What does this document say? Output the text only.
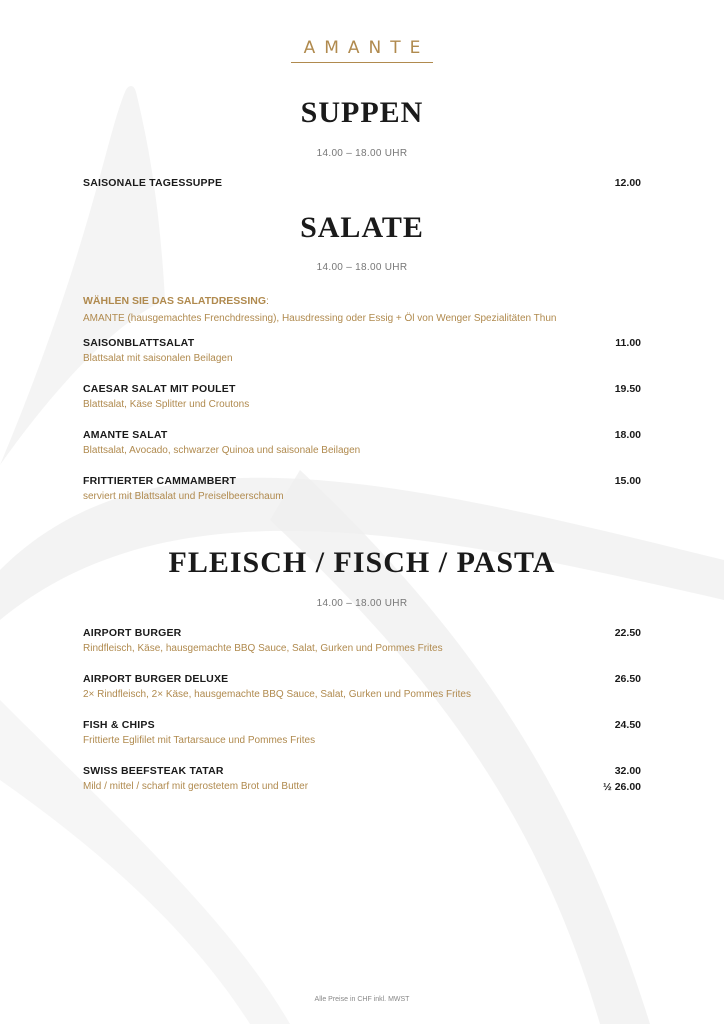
AMANTE
SUPPEN
14.00 – 18.00 UHR
SAISONALE TAGESSUPPE	12.00
SALATE
14.00 – 18.00 UHR
WÄHLEN SIE DAS SALATDRESSING:
AMANTE (hausgemachtes Frenchdressing), Hausdressing oder Essig + Öl von Wenger Spezialitäten Thun
SAISONBLATTSALAT
Blattsalat mit saisonalen Beilagen
11.00
CAESAR SALAT MIT POULET
Blattsalat, Käse Splitter und Croutons
19.50
AMANTE SALAT
Blattsalat, Avocado, schwarzer Quinoa und saisonale Beilagen
18.00
FRITTIERTER CAMMAMBERT
serviert mit Blattsalat und Preiselbeerschaum
15.00
FLEISCH / FISCH / PASTA
14.00 – 18.00 UHR
AIRPORT BURGER
Rindfleisch, Käse, hausgemachte BBQ Sauce, Salat, Gurken und Pommes Frites
22.50
AIRPORT BURGER DELUXE
2× Rindfleisch, 2× Käse, hausgemachte BBQ Sauce, Salat, Gurken und Pommes Frites
26.50
FISH & CHIPS
Frittierte Eglifilet mit Tartarsauce und Pommes Frites
24.50
SWISS BEEFSTEAK TATAR
Mild / mittel / scharf mit gerostetem Brot und Butter
32.00
½ 26.00
Alle Preise in CHF inkl. MWST
